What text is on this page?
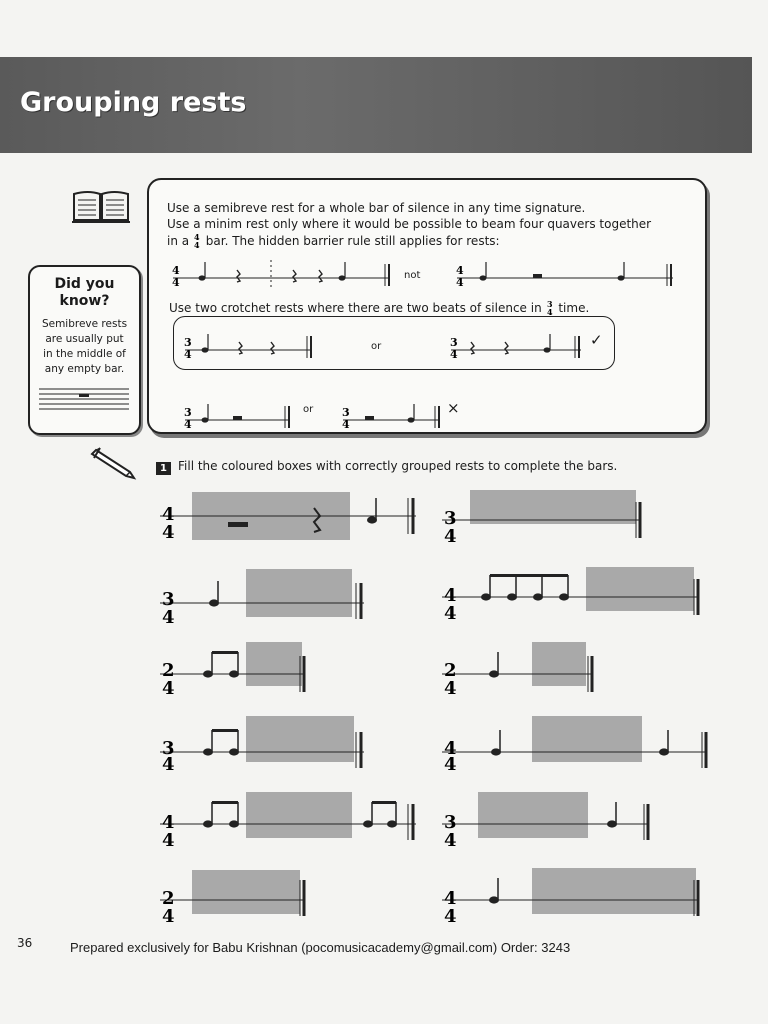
Grouping rests
Use a semibreve rest for a whole bar of silence in any time signature.
Use a minim rest only where it would be possible to beam four quavers together
in a 4
4 bar. The hidden barrier rule still applies for rests:
4
4
not	4
4
Use two crotchet rests where there are two beats of silence in 3
4 time.
3
4
or	3
4
✓
3
4
or	3
4
×
Did you
know?
Semibreve rests
are usually put
in the middle of
any empty bar.
1 Fill the coloured boxes with correctly grouped rests to complete the bars.
4
4
3
4
3
4
4
4
2
4
2
4
3
4
4
4
4
4
3
4
2
4
4
4
36	Prepared exclusively for Babu Krishnan (pocomusicacademy@gmail.com) Order: 3243
